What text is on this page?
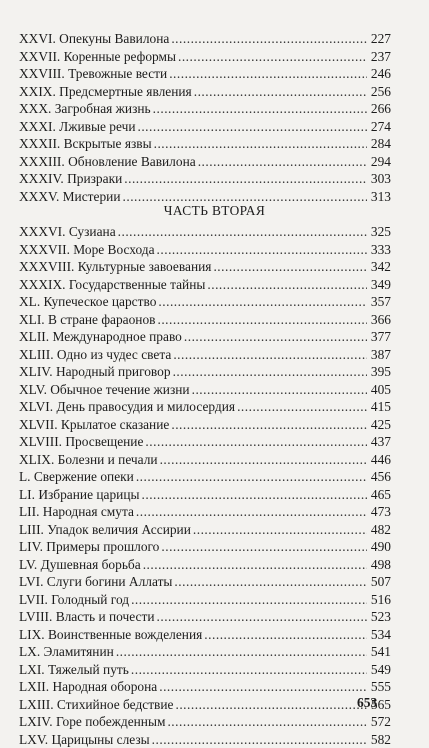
XXVI. Опекуны Вавилона .....	227
XXVII. Коренные реформы .....	237
XXVIII. Тревожные вести .....	246
XXIX. Предсмертные явления .....	256
XXX. Загробная жизнь .....	266
XXXI. Лживые речи .....	274
XXXII. Вскрытые язвы .....	284
XXXIII. Обновление Вавилона .....	294
XXXIV. Призраки .....	303
XXXV. Мистерии .....	313
ЧАСТЬ ВТОРАЯ
XXXVI. Сузиана .....	325
XXXVII. Море Восхода .....	333
XXXVIII. Культурные завоевания .....	342
XXXIX. Государственные тайны .....	349
XL. Купеческое царство .....	357
XLI. В стране фараонов .....	366
XLII. Международное право .....	377
XLIII. Одно из чудес света .....	387
XLIV. Народный приговор .....	395
XLV. Обычное течение жизни .....	405
XLVI. День правосудия и милосердия .....	415
XLVII. Крылатое сказание .....	425
XLVIII. Просвещение .....	437
XLIX. Болезни и печали .....	446
L. Свержение опеки .....	456
LI. Избрание царицы .....	465
LII. Народная смута .....	473
LIII. Упадок величия Ассирии .....	482
LIV. Примеры прошлого .....	490
LV. Душевная борьба .....	498
LVI. Слуги богини Аллаты .....	507
LVII. Голодный год .....	516
LVIII. Власть и почести .....	523
LIX. Воинственные вожделения .....	534
LX. Эламитянин .....	541
LXI. Тяжелый путь .....	549
LXII. Народная оборона .....	555
LXIII. Стихийное бедствие .....	565
LXIV. Горе побежденным .....	572
LXV. Царицыны слезы .....	582
653
